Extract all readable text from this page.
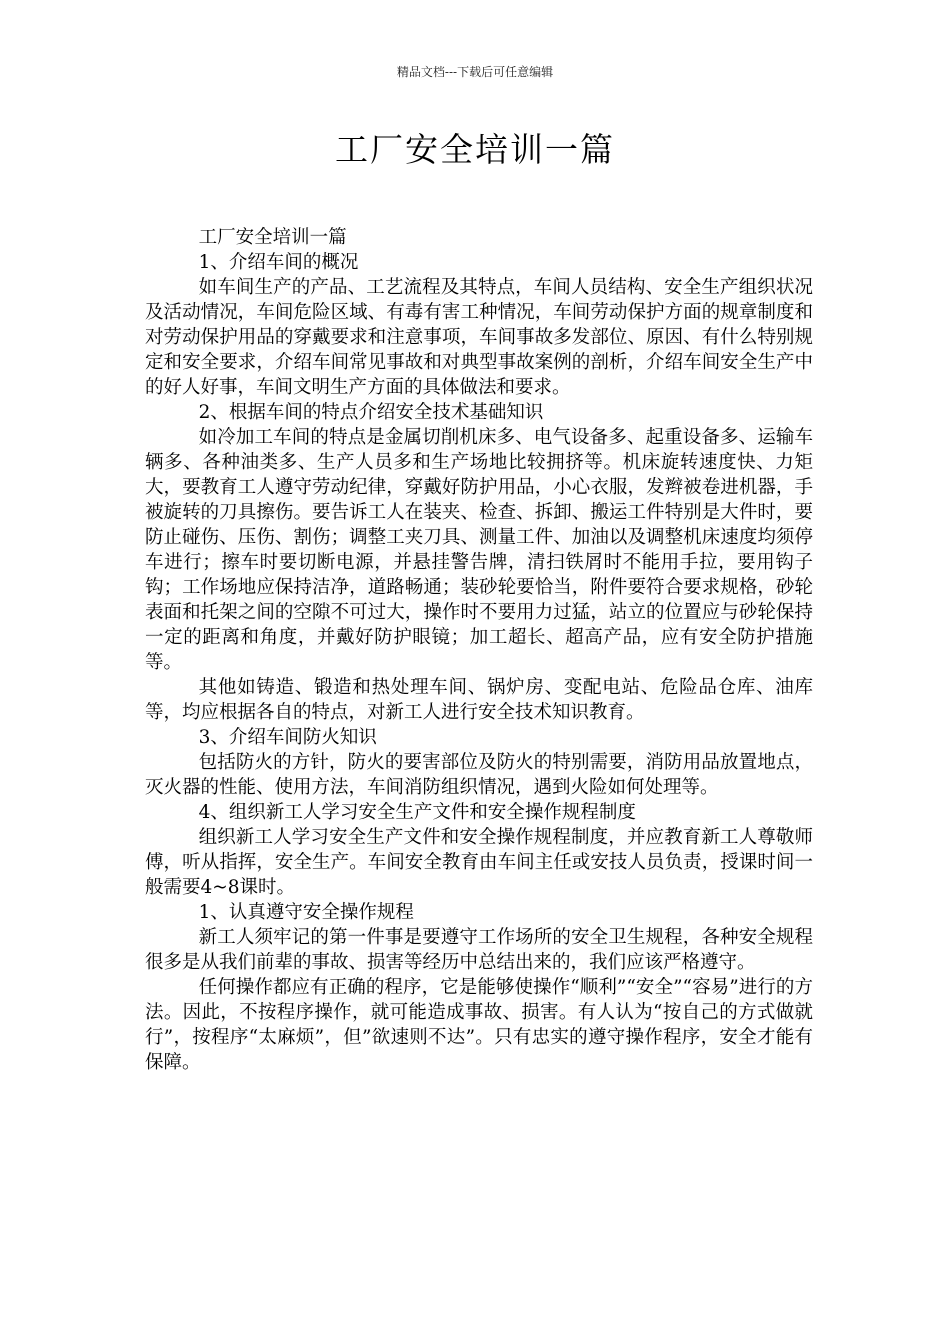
精品文档---下载后可任意编辑
工厂安全培训一篇

工厂安全培训一篇

1、介绍车间的概况

如车间生产的产品、工艺流程及其特点，车间人员结构、安全生产组织状况及活动情况，车间危险区域、有毒有害工种情况，车间劳动保护方面的规章制度和对劳动保护用品的穿戴要求和注意事项，车间事故多发部位、原因、有什么特别规定和安全要求，介绍车间常见事故和对典型事故案例的剖析，介绍车间安全生产中的好人好事，车间文明生产方面的具体做法和要求。

2、根据车间的特点介绍安全技术基础知识

如冷加工车间的特点是金属切削机床多、电气设备多、起重设备多、运输车辆多、各种油类多、生产人员多和生产场地比较拥挤等。机床旋转速度快、力矩大，要教育工人遵守劳动纪律，穿戴好防护用品，小心衣服，发辫被卷进机器，手被旋转的刀具擦伤。要告诉工人在装夹、检查、拆卸、搬运工件特别是大件时，要防止碰伤、压伤、割伤；调整工夹刀具、测量工件、加油以及调整机床速度均须停车进行；擦车时要切断电源，并悬挂警告牌，清扫铁屑时不能用手拉，要用钩子钩；工作场地应保持洁净，道路畅通；装砂轮要恰当，附件要符合要求规格，砂轮表面和托架之间的空隙不可过大，操作时不要用力过猛，站立的位置应与砂轮保持一定的距离和角度，并戴好防护眼镜；加工超长、超高产品，应有安全防护措施等。

其他如铸造、锻造和热处理车间、锅炉房、变配电站、危险品仓库、油库等，均应根据各自的特点，对新工人进行安全技术知识教育。

3、介绍车间防火知识

包括防火的方针，防火的要害部位及防火的特别需要，消防用品放置地点，灭火器的性能、使用方法，车间消防组织情况，遇到火险如何处理等。

4、组织新工人学习安全生产文件和安全操作规程制度

组织新工人学习安全生产文件和安全操作规程制度，并应教育新工人尊敬师傅，听从指挥，安全生产。车间安全教育由车间主任或安技人员负责，授课时间一般需要4~8课时。

1、认真遵守安全操作规程

新工人须牢记的第一件事是要遵守工作场所的安全卫生规程，各种安全规程很多是从我们前辈的事故、损害等经历中总结出来的，我们应该严格遵守。

任何操作都应有正确的程序，它是能够使操作“顺利”“安全”“容易”进行的方法。因此，不按程序操作，就可能造成事故、损害。有人认为“按自己的方式做就行”，按程序“太麻烦”，但”欲速则不达”。只有忠实的遵守操作程序，安全才能有保障。
